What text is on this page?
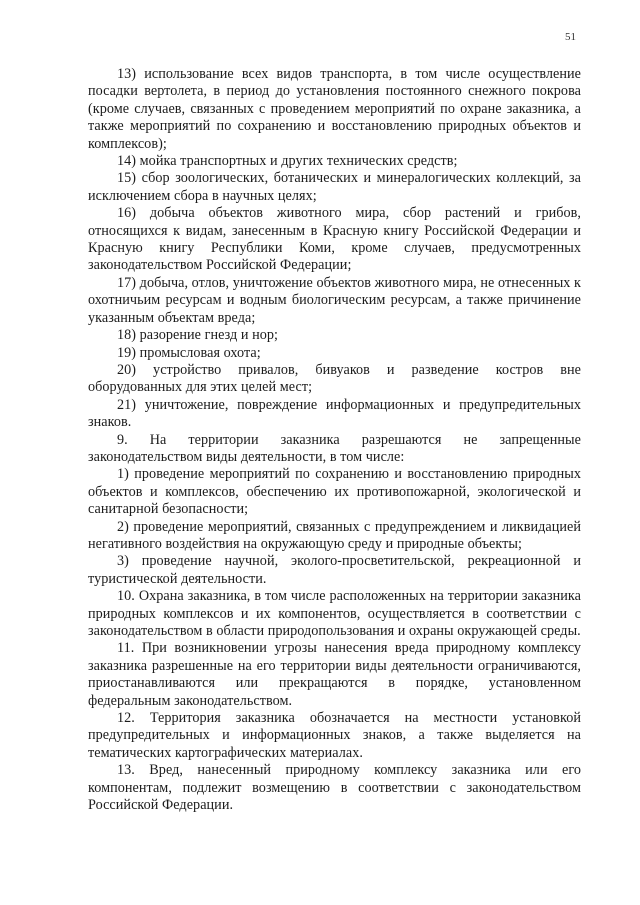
51

13) использование всех видов транспорта, в том числе осуществление посадки вертолета, в период до установления постоянного снежного покрова (кроме случаев, связанных с проведением мероприятий по охране заказника, а также мероприятий по сохранению и восстановлению природных объектов и комплексов);

14) мойка транспортных и других технических средств;

15) сбор зоологических, ботанических и минералогических коллекций, за исключением сбора в научных целях;

16) добыча объектов животного мира, сбор растений и грибов, относящихся к видам, занесенным в Красную книгу Российской Федерации и Красную книгу Республики Коми, кроме случаев, предусмотренных законодательством Российской Федерации;

17) добыча, отлов, уничтожение объектов животного мира, не отнесенных к охотничьим ресурсам и водным биологическим ресурсам, а также причинение указанным объектам вреда;

18) разорение гнезд и нор;

19) промысловая охота;

20) устройство привалов, бивуаков и разведение костров вне оборудованных для этих целей мест;

21) уничтожение, повреждение информационных и предупредительных знаков.

9. На территории заказника разрешаются не запрещенные законодательством виды деятельности, в том числе:

1) проведение мероприятий по сохранению и восстановлению природных объектов и комплексов, обеспечению их противопожарной, экологической и санитарной безопасности;

2) проведение мероприятий, связанных с предупреждением и ликвидацией негативного воздействия на окружающую среду и природные объекты;

3) проведение научной, эколого-просветительской, рекреационной и туристической деятельности.

10. Охрана заказника, в том числе расположенных на территории заказника природных комплексов и их компонентов, осуществляется в соответствии с законодательством в области природопользования и охраны окружающей среды.

11. При возникновении угрозы нанесения вреда природному комплексу заказника разрешенные на его территории виды деятельности ограничиваются, приостанавливаются или прекращаются в порядке, установленном федеральным законодательством.

12. Территория заказника обозначается на местности установкой предупредительных и информационных знаков, а также выделяется на тематических картографических материалах.

13. Вред, нанесенный природному комплексу заказника или его компонентам, подлежит возмещению в соответствии с законодательством Российской Федерации.
